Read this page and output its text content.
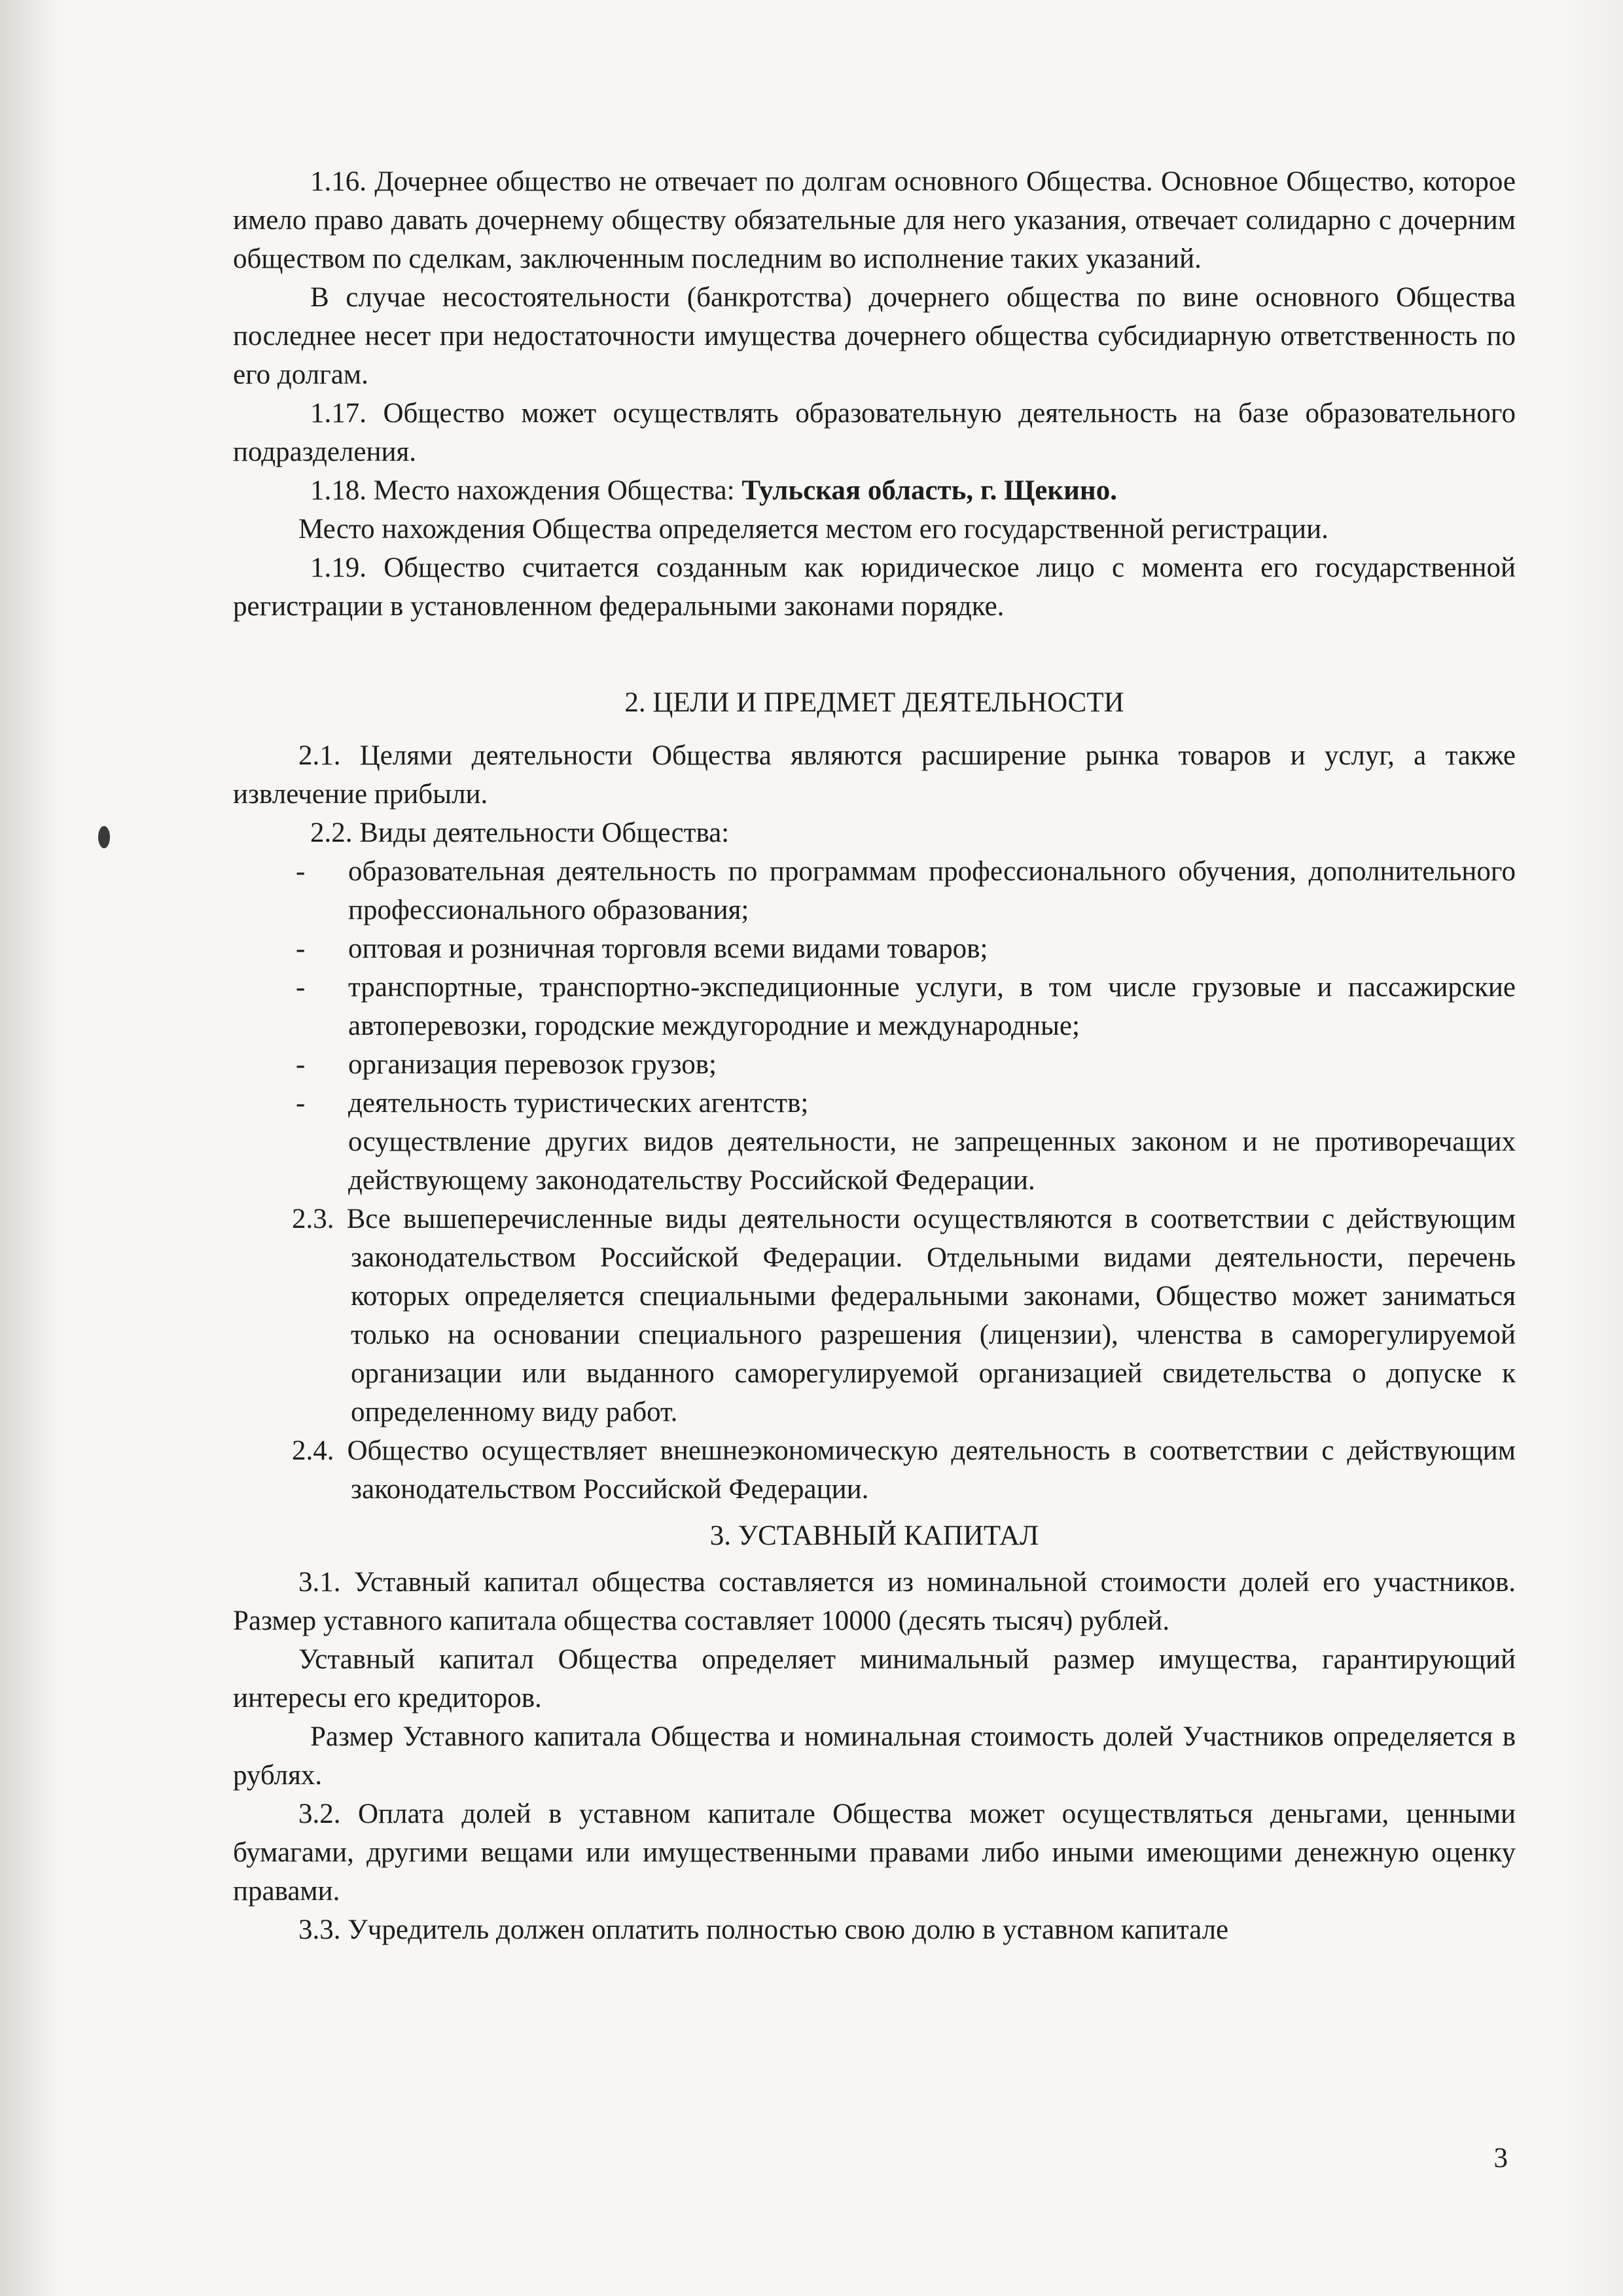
1.16. Дочернее общество не отвечает по долгам основного Общества. Основное Общество, которое имело право давать дочернему обществу обязательные для него указания, отвечает солидарно с дочерним обществом по сделкам, заключенным последним во исполнение таких указаний.

В случае несостоятельности (банкротства) дочернего общества по вине основного Общества последнее несет при недостаточности имущества дочернего общества субсидиарную ответственность по его долгам.

1.17. Общество может осуществлять образовательную деятельность на базе образовательного подразделения.

1.18. Место нахождения Общества: Тульская область, г. Щекино.

Место нахождения Общества определяется местом его государственной регистрации.

1.19. Общество считается созданным как юридическое лицо с момента его государственной регистрации в установленном федеральными законами порядке.

2. ЦЕЛИ И ПРЕДМЕТ ДЕЯТЕЛЬНОСТИ

2.1. Целями деятельности Общества являются расширение рынка товаров и услуг, а также извлечение прибыли.

2.2. Виды деятельности Общества:

- образовательная деятельность по программам профессионального обучения, дополнительного профессионального образования;
- оптовая и розничная торговля всеми видами товаров;
- транспортные, транспортно-экспедиционные услуги, в том числе грузовые и пассажирские автоперевозки, городские междугородние и международные;
- организация перевозок грузов;
- деятельность туристических агентств;

осуществление других видов деятельности, не запрещенных законом и не противоречащих действующему законодательству Российской Федерации.

2.3. Все вышеперечисленные виды деятельности осуществляются в соответствии с действующим законодательством Российской Федерации. Отдельными видами деятельности, перечень которых определяется специальными федеральными законами, Общество может заниматься только на основании специального разрешения (лицензии), членства в саморегулируемой организации или выданного саморегулируемой организацией свидетельства о допуске к определенному виду работ.

2.4. Общество осуществляет внешнеэкономическую деятельность в соответствии с действующим законодательством Российской Федерации.

3. УСТАВНЫЙ КАПИТАЛ

3.1. Уставный капитал общества составляется из номинальной стоимости долей его участников. Размер уставного капитала общества составляет 10000 (десять тысяч) рублей.

Уставный капитал Общества определяет минимальный размер имущества, гарантирующий интересы его кредиторов.

Размер Уставного капитала Общества и номинальная стоимость долей Участников определяется в рублях.

3.2. Оплата долей в уставном капитале Общества может осуществляться деньгами, ценными бумагами, другими вещами или имущественными правами либо иными имеющими денежную оценку правами.

3.3. Учредитель должен оплатить полностью свою долю в уставном капитале

3
